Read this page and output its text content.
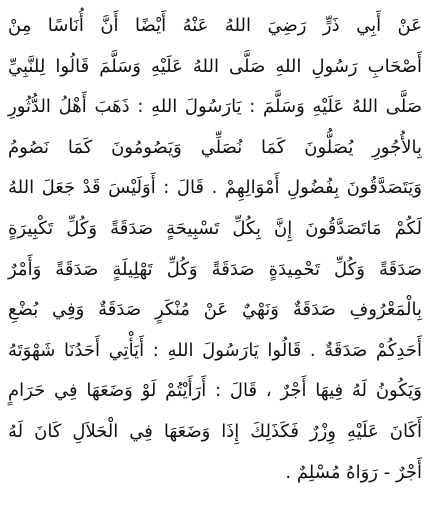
عَنْ أَبِي ذَرٍّ رَضِيَ اللهُ عَنْهُ أَيْضًا أَنَّ أُنَاسًا مِنْ
أَصْحَابِ رَسُولِ اللهِ صَلَّى اللهُ عَلَيْهِ وَسَلَّمَ قَالُوا لِلنَّبِيِّ
صَلَّى اللهُ عَلَيْهِ وَسَلَّمَ : يَارَسُولَ اللهِ : ذَهَبَ أَهْلُ الدُّثُورِ
بِالأُجُورِ يُصَلُّونَ كَمَا نُصَلِّي وَيَصُومُونَ كَمَا نَصُومُ
وَيَتَصَدَّقُونَ بِفُضُولِ أَمْوَالِهِمْ . قَالَ : أَوَلَيْسَ قَدْ جَعَلَ اللهُ
لَكُمْ مَاتَصَدَّقُونَ إِنَّ بِكُلِّ تَسْبِيحَةٍ صَدَقَةً وَكُلِّ تَكْبِيرَةٍ
صَدَقَةً وَكُلِّ تَحْمِيدَةٍ صَدَقَةً وَكُلِّ تَهْلِيلَةٍ صَدَقَةً وَأَمْرٌ
بِالْمَعْرُوفِ صَدَقَةٌ وَنَهْيٌ عَنْ مُنْكَرٍ صَدَقَةٌ وَفِي بُضْعِ
أَحَدِكُمْ صَدَقَةٌ . قَالُوا يَارَسُولَ اللهِ : أَيَأْتِي أَحَدُنَا شَهْوَتَهُ
وَيَكُونُ لَهُ فِيهَا أَجْرٌ ، قَالَ : أَرَأَيْتُمْ لَوْ وَضَعَهَا فِي حَرَامٍ
أَكَانَ عَلَيْهِ وِزْرٌ فَكَذَلِكَ إِذَا وَضَعَهَا فِي الْحَلاَلِ كَانَ لَهُ
أَجْرٌ - رَوَاهُ مُسْلِمٌ .
